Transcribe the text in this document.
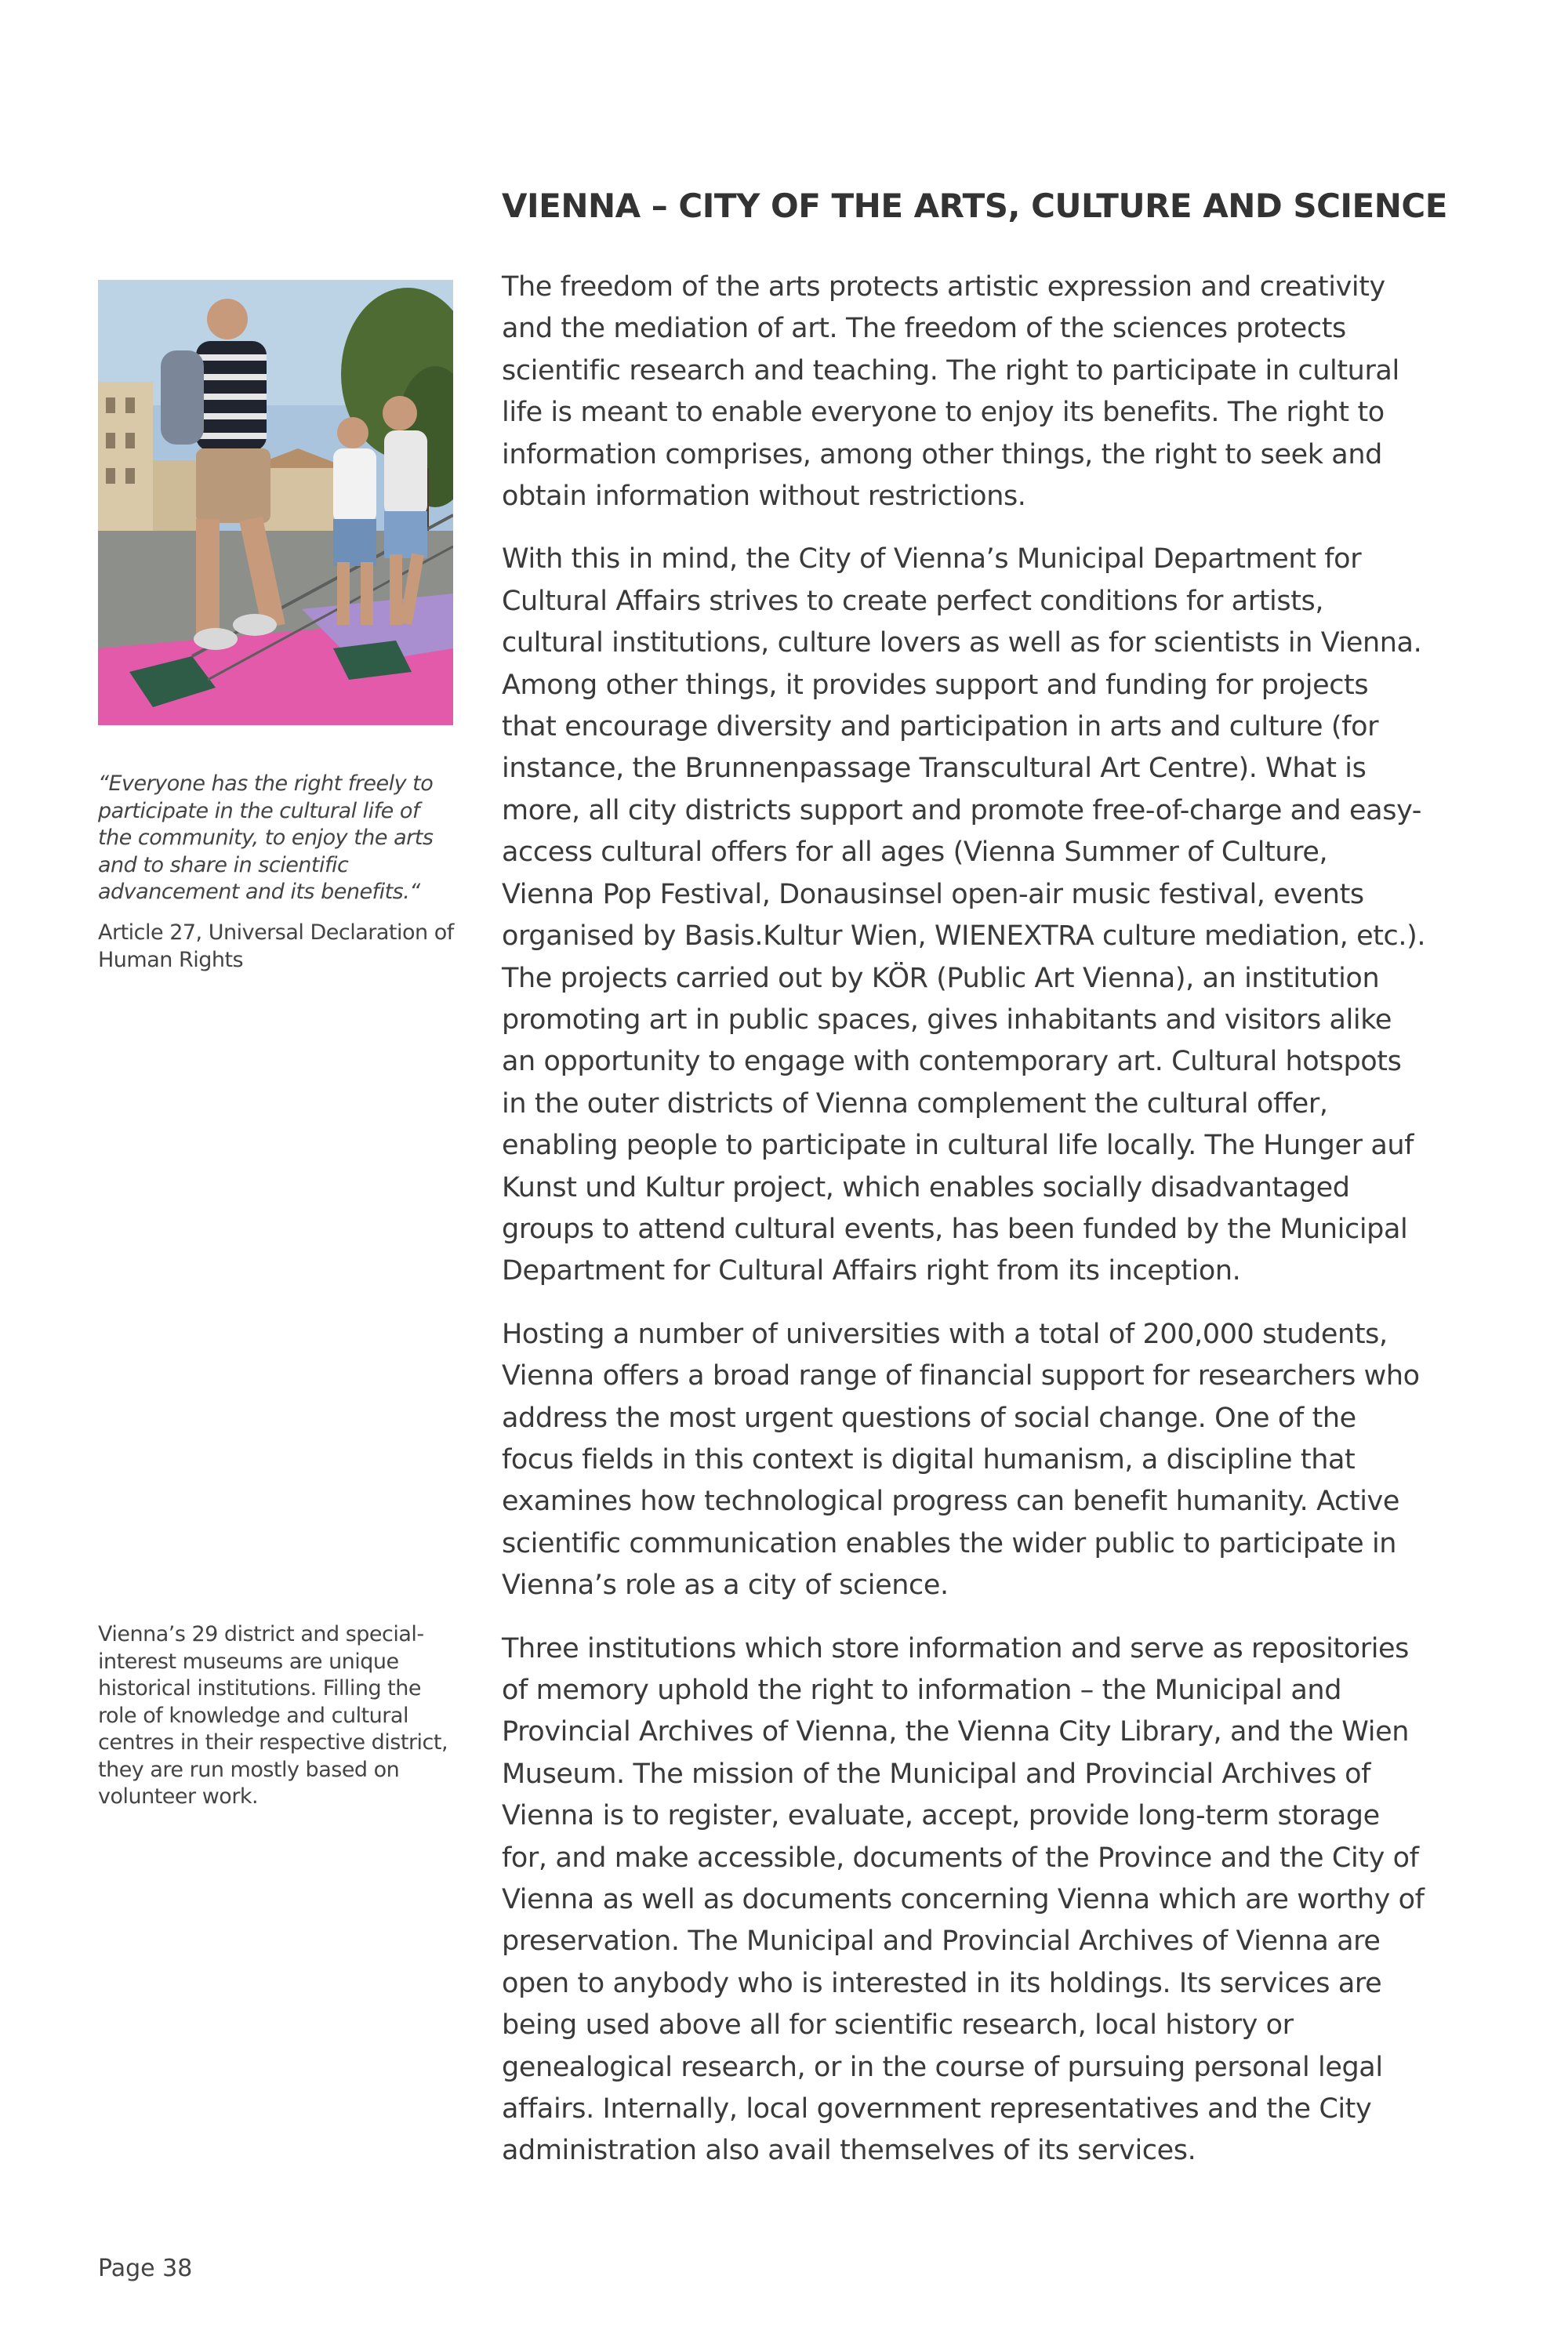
VIENNA – CITY OF THE ARTS, CULTURE AND SCIENCE
“Everyone has the right freely to participate in the cultural life of the community, to enjoy the arts and to share in scientific advancement and its benefits.“
Article 27, Universal Declaration of Human Rights
Vienna’s 29 district and special-interest museums are unique historical institutions. Filling the role of knowledge and cultural centres in their respective district, they are run mostly based on volunteer work.

The freedom of the arts protects artistic expression and creativity and the mediation of art. The freedom of the sciences protects scientific research and teaching. The right to participate in cultural life is meant to enable everyone to enjoy its benefits. The right to information comprises, among other things, the right to seek and obtain information without restrictions.

With this in mind, the City of Vienna’s Municipal Department for Cultural Affairs strives to create perfect conditions for artists, cultural institutions, culture lovers as well as for scientists in Vienna. Among other things, it provides support and funding for projects that encourage diversity and participation in arts and culture (for instance, the Brunnenpassage Transcultural Art Centre). What is more, all city districts support and promote free-of-charge and easy-access cultural offers for all ages (Vienna Summer of Culture, Vienna Pop Festival, Donausinsel open-air music festival, events organised by Basis.Kultur Wien, WIENEXTRA culture mediation, etc.).

The projects carried out by KÖR (Public Art Vienna), an institution promoting art in public spaces, gives inhabitants and visitors alike an opportunity to engage with contemporary art. Cultural hotspots in the outer districts of Vienna complement the cultural offer, enabling people to participate in cultural life locally. The Hunger auf Kunst und Kultur project, which enables socially disadvantaged groups to attend cultural events, has been funded by the Municipal Department for Cultural Affairs right from its inception.

Hosting a number of universities with a total of 200,000 students, Vienna offers a broad range of financial support for researchers who address the most urgent questions of social change. One of the focus fields in this context is digital humanism, a discipline that examines how technological progress can benefit humanity. Active scientific communication enables the wider public to participate in Vienna’s role as a city of science.

Three institutions which store information and serve as repositories of memory uphold the right to information – the Municipal and Provincial Archives of Vienna, the Vienna City Library, and the Wien Museum. The mission of the Municipal and Provincial Archives of Vienna is to register, evaluate, accept, provide long-term storage for, and make accessible, documents of the Province and the City of Vienna as well as documents concerning Vienna which are worthy of preservation. The Municipal and Provincial Archives of Vienna are open to anybody who is interested in its holdings. Its services are being used above all for scientific research, local history or genealogical research, or in the course of pursuing personal legal affairs. Internally, local government representatives and the City administration also avail themselves of its services.

Page 38
